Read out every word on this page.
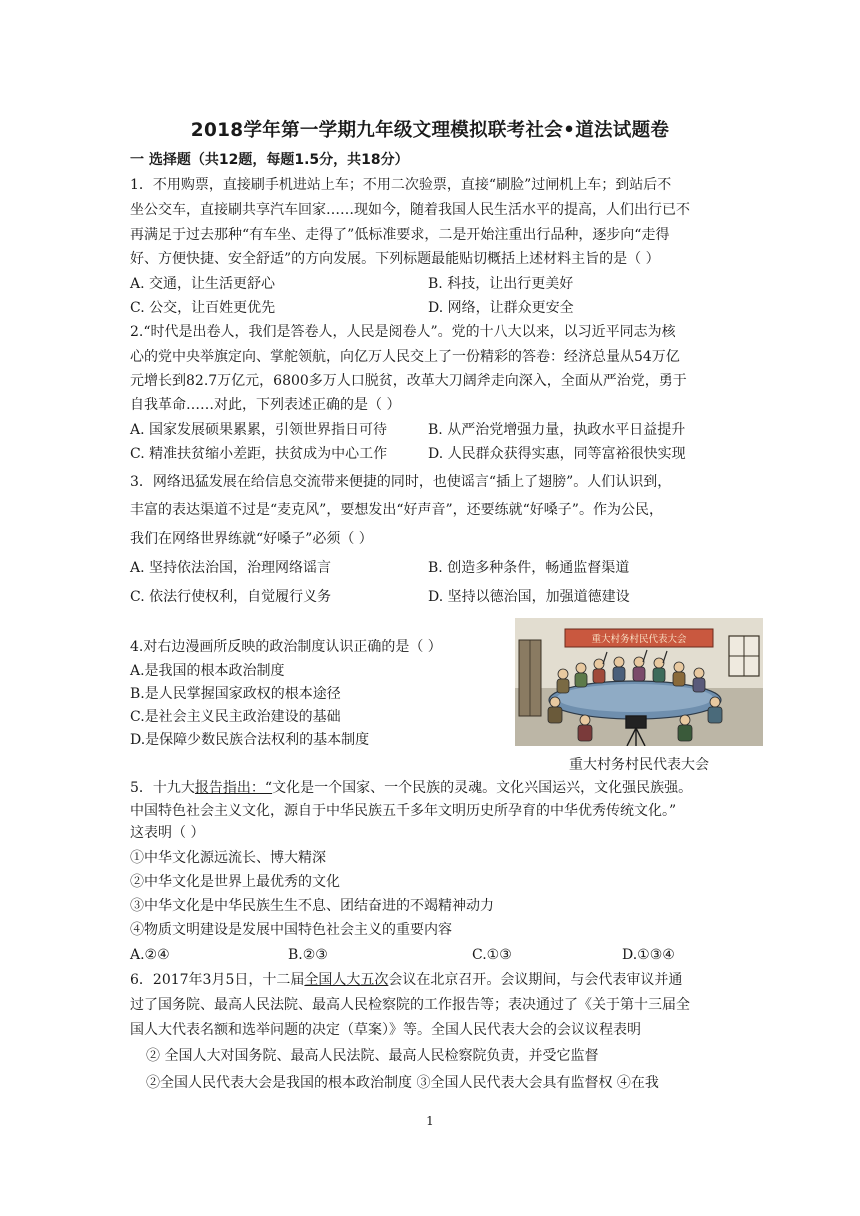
2018学年第一学期九年级文理模拟联考社会•道法试题卷
一 选择题（共12题，每题1.5分，共18分）
1．不用购票，直接刷手机进站上车；不用二次验票，直接“刷脸”过闸机上车；到站后不
坐公交车，直接刷共享汽车回家……现如今，随着我国人民生活水平的提高，人们出行已不
再满足于过去那种“有车坐、走得了”低标准要求，二是开始注重出行品种，逐步向“走得
好、方便快捷、安全舒适”的方向发展。下列标题最能贴切概括上述材料主旨的是（ ）
A. 交通，让生活更舒心	B. 科技，让出行更美好
C. 公交，让百姓更优先	D. 网络，让群众更安全
2.“时代是出卷人，我们是答卷人，人民是阅卷人”。党的十八大以来，以习近平同志为核
心的党中央举旗定向、掌舵领航，向亿万人民交上了一份精彩的答卷：经济总量从54万亿
元增长到82.7万亿元，6800多万人口脱贫，改革大刀阔斧走向深入，全面从严治党，勇于
自我革命……对此，下列表述正确的是（ ）
A. 国家发展硕果累累，引领世界指日可待	B. 从严治党增强力量，执政水平日益提升
C. 精准扶贫缩小差距，扶贫成为中心工作	D. 人民群众获得实惠，同等富裕很快实现
3．网络迅猛发展在给信息交流带来便捷的同时，也使谣言“插上了翅膀”。人们认识到，
丰富的表达渠道不过是“麦克风”，要想发出“好声音”，还要练就“好嗓子”。作为公民，
我们在网络世界练就“好嗓子”必须（ ）
A. 坚持依法治国，治理网络谣言	B. 创造多种条件，畅通监督渠道
C. 依法行使权利，自觉履行义务	D. 坚持以德治国，加强道德建设
4.对右边漫画所反映的政治制度认识正确的是（ ）
A.是我国的根本政治制度
B.是人民掌握国家政权的根本途径
C.是社会主义民主政治建设的基础
D.是保障少数民族合法权利的基本制度
重大村务村民代表大会
重大村务村民代表大会
5．十九大报告指出：“文化是一个国家、一个民族的灵魂。文化兴国运兴，文化强民族强。
中国特色社会主义文化，源自于中华民族五千多年文明历史所孕育的中华优秀传统文化。”
这表明（ ）
①中华文化源远流长、博大精深
②中华文化是世界上最优秀的文化
③中华文化是中华民族生生不息、团结奋进的不竭精神动力
④物质文明建设是发展中国特色社会主义的重要内容
A.②④	B.②③	C.①③	D.①③④
6．2017年3月5日，十二届全国人大五次会议在北京召开。会议期间，与会代表审议并通
过了国务院、最高人民法院、最高人民检察院的工作报告等；表决通过了《关于第十三届全
国人大代表名额和选举问题的决定（草案）》等。全国人民代表大会的会议议程表明
② 全国人大对国务院、最高人民法院、最高人民检察院负责，并受它监督
②全国人民代表大会是我国的根本政治制度 ③全国人民代表大会具有监督权 ④在我
1
